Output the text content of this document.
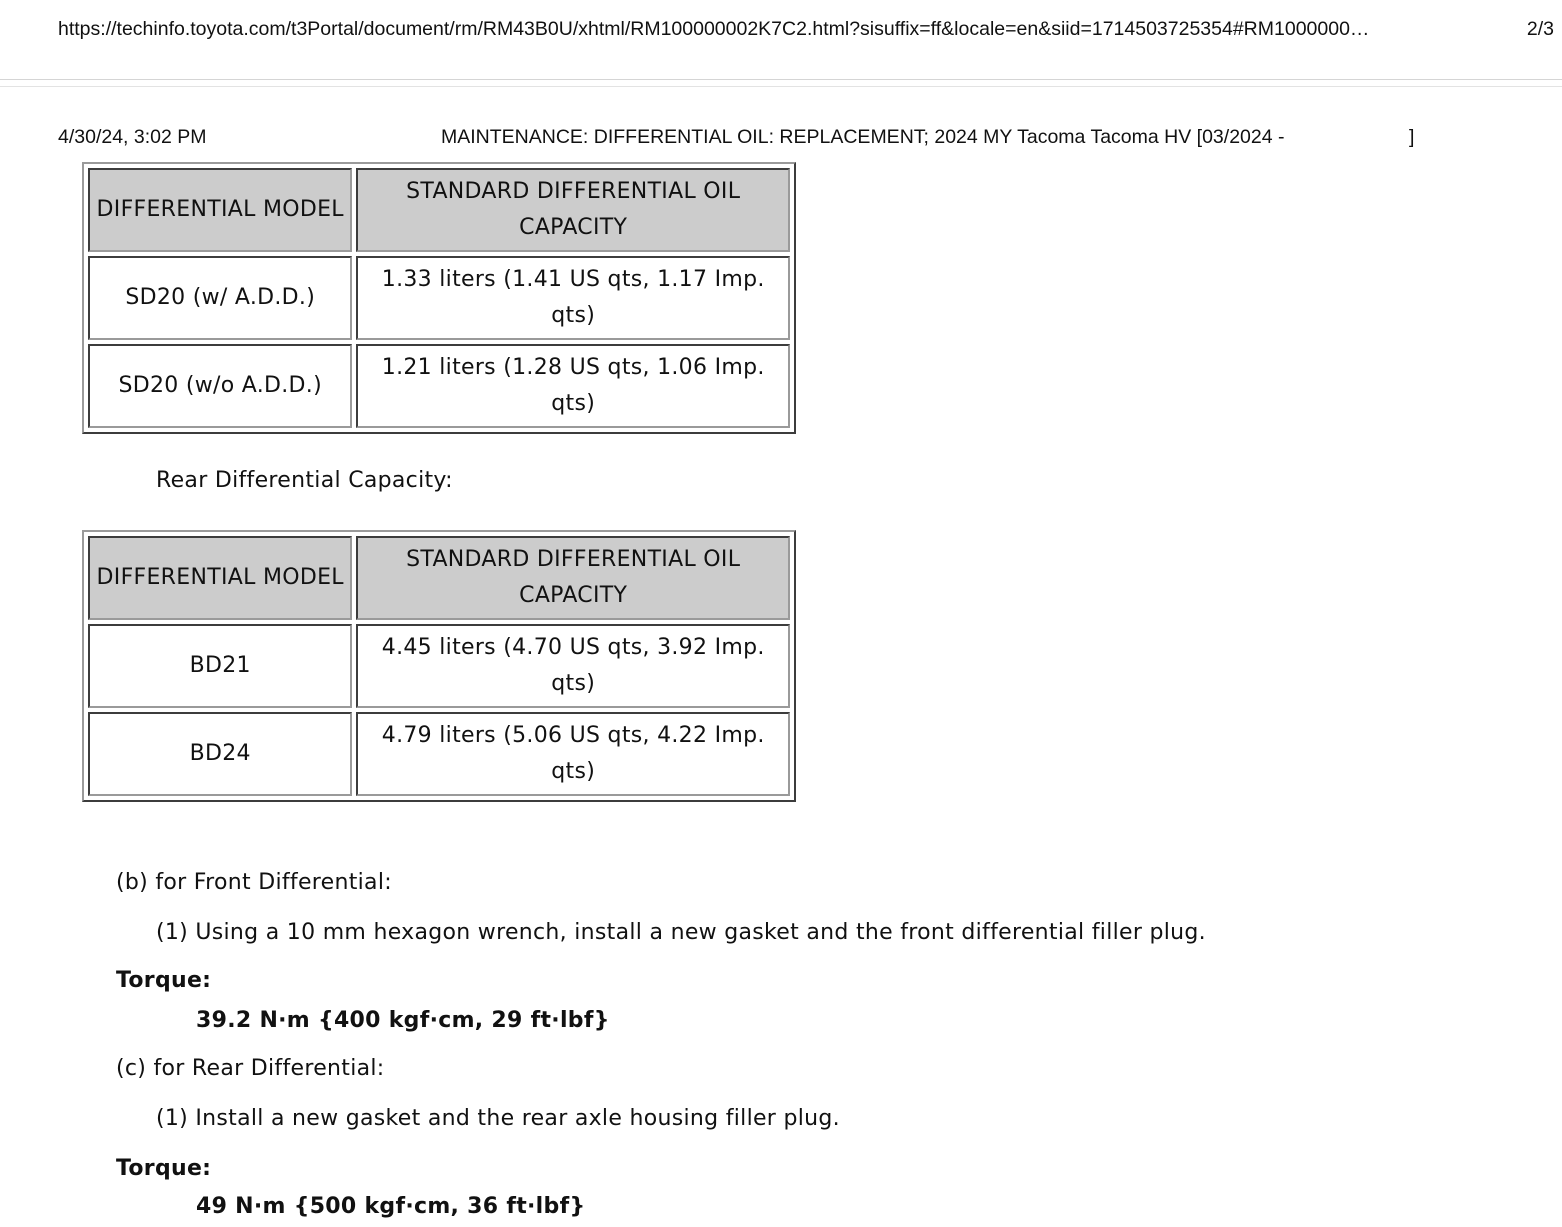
https://techinfo.toyota.com/t3Portal/document/rm/RM43B0U/xhtml/RM100000002K7C2.html?sisuffix=ff&locale=en&siid=1714503725354#RM1000000…	2/3
4/30/24, 3:02 PM	MAINTENANCE: DIFFERENTIAL OIL: REPLACEMENT; 2024 MY Tacoma Tacoma HV [03/2024 -	]
DIFFERENTIAL MODEL	STANDARD DIFFERENTIAL OIL CAPACITY
SD20 (w/ A.D.D.)	1.33 liters (1.41 US qts, 1.17 Imp. qts)
SD20 (w/o A.D.D.)	1.21 liters (1.28 US qts, 1.06 Imp. qts)
Rear Differential Capacity:
DIFFERENTIAL MODEL	STANDARD DIFFERENTIAL OIL CAPACITY
BD21	4.45 liters (4.70 US qts, 3.92 Imp. qts)
BD24	4.79 liters (5.06 US qts, 4.22 Imp. qts)
(b) for Front Differential:
(1) Using a 10 mm hexagon wrench, install a new gasket and the front differential filler plug.
Torque:
39.2 N·m {400 kgf·cm, 29 ft·lbf}
(c) for Rear Differential:
(1) Install a new gasket and the rear axle housing filler plug.
Torque:
49 N·m {500 kgf·cm, 36 ft·lbf}
